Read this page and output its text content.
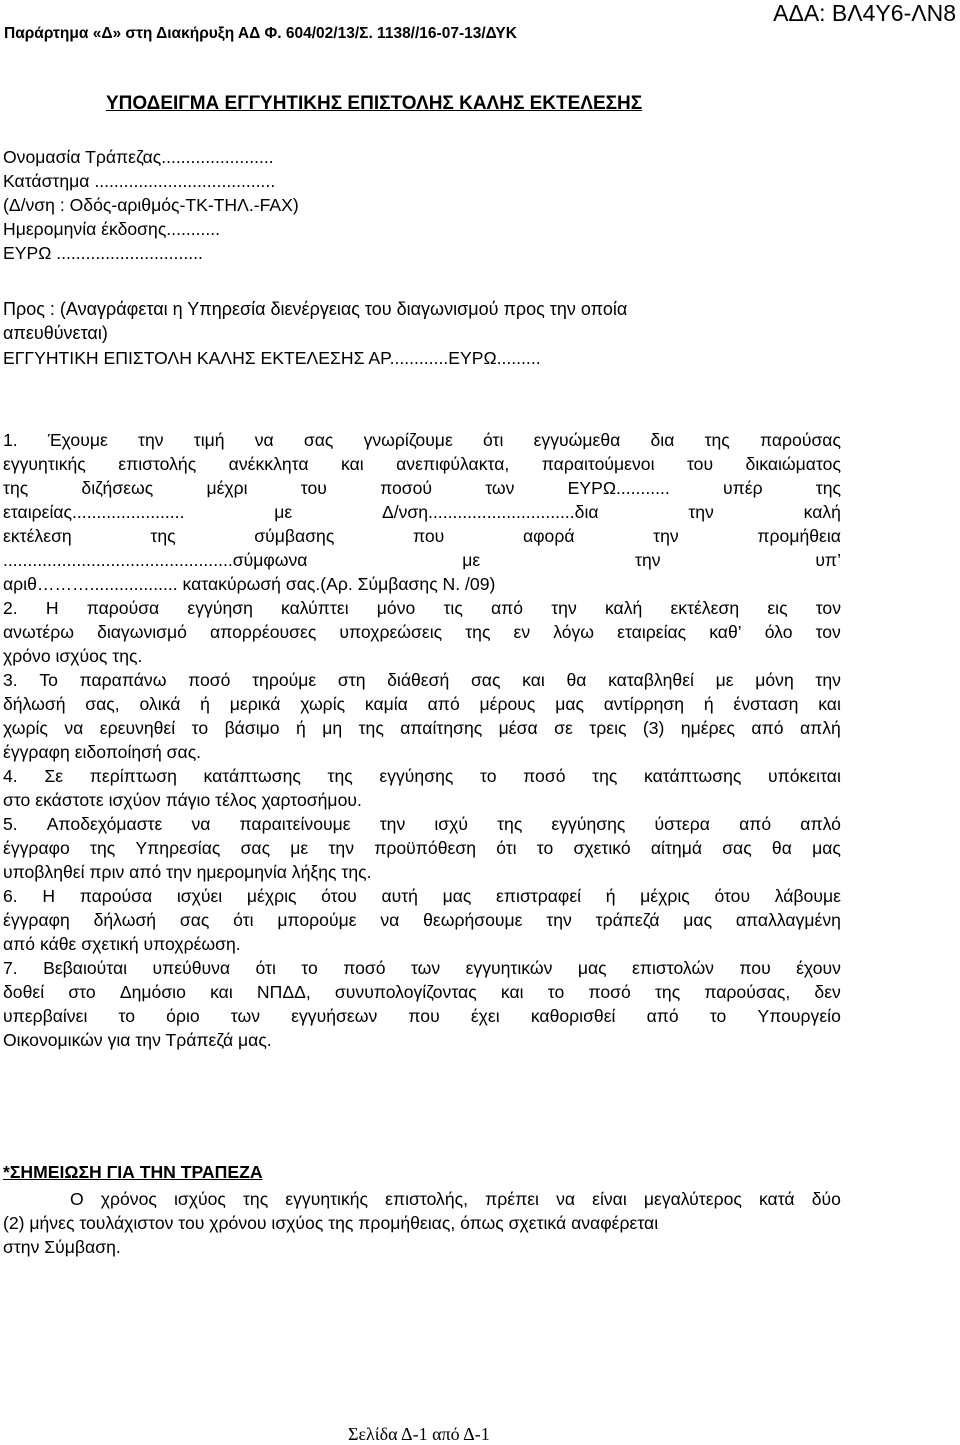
Παράρτημα «Δ» στη Διακήρυξη ΑΔ Φ. 604/02/13/Σ. 1138//16-07-13/ΔΥΚ
ΑΔΑ: ΒΛ4Υ6-ΛΝ8
ΥΠΟΔΕΙΓΜΑ ΕΓΓΥΗΤΙΚΗΣ ΕΠΙΣΤΟΛΗΣ ΚΑΛΗΣ ΕΚΤΕΛΕΣΗΣ
Ονομασία Τράπεζας.......................
Κατάστημα .....................................
(Δ/νση : Οδός-αριθμός-ΤΚ-ΤΗΛ.-FAX)
Ημερομηνία έκδοσης...........
ΕΥΡΩ ..............................
Προς : (Αναγράφεται η Υπηρεσία διενέργειας του διαγωνισμού προς την οποία
απευθύνεται)
ΕΓΓΥΗΤΙΚΗ ΕΠΙΣΤΟΛΗ ΚΑΛΗΣ ΕΚΤΕΛΕΣΗΣ ΑΡ............ΕΥΡΩ.........
1. Έχουμε την τιμή να σας γνωρίζουμε ότι εγγυώμεθα δια της παρούσας
εγγυητικής επιστολής ανέκκλητα και ανεπιφύλακτα, παραιτούμενοι του δικαιώματος
της	διζήσεως	μέχρι	του	ποσού	των	ΕΥΡΩ...........	υπέρ	της
εταιρείας.......................	με	Δ/νση..............................δια	την	καλή
εκτέλεση	της	σύμβασης	που	αφορά	την	προμήθεια
...............................................σύμφωνα	με	την	υπ’
αριθ……….................. κατακύρωσή σας.(Αρ. Σύμβασης Ν. /09)
2. Η παρούσα εγγύηση καλύπτει μόνο τις από την καλή εκτέλεση εις τον
ανωτέρω διαγωνισμό απορρέουσες υποχρεώσεις της εν λόγω εταιρείας καθ’ όλο τον
χρόνο ισχύος της.
3. Το παραπάνω ποσό τηρούμε στη διάθεσή σας και θα καταβληθεί με μόνη την
δήλωσή σας, ολικά ή μερικά χωρίς καμία από μέρους μας αντίρρηση ή ένσταση και
χωρίς να ερευνηθεί το βάσιμο ή μη της απαίτησης μέσα σε τρεις (3) ημέρες από απλή
έγγραφη ειδοποίησή σας.
4. Σε περίπτωση κατάπτωσης της εγγύησης το ποσό της κατάπτωσης υπόκειται
στο εκάστοτε ισχύον πάγιο τέλος χαρτοσήμου.
5. Αποδεχόμαστε να παραιτείνουμε την ισχύ της εγγύησης ύστερα από απλό
έγγραφο της Υπηρεσίας σας με την προϋπόθεση ότι το σχετικό αίτημά σας θα μας
υποβληθεί πριν από την ημερομηνία λήξης της.
6. Η παρούσα ισχύει μέχρις ότου αυτή μας επιστραφεί ή μέχρις ότου λάβουμε
έγγραφη δήλωσή σας ότι μπορούμε να θεωρήσουμε την τράπεζά μας απαλλαγμένη
από κάθε σχετική υποχρέωση.
7. Βεβαιούται υπεύθυνα ότι το ποσό των εγγυητικών μας επιστολών που έχουν
δοθεί στο Δημόσιο και ΝΠΔΔ, συνυπολογίζοντας και το ποσό της παρούσας, δεν
υπερβαίνει το όριο των εγγυήσεων που έχει καθορισθεί από το Υπουργείο
Οικονομικών για την Τράπεζά μας.
*ΣΗΜΕΙΩΣΗ ΓΙΑ ΤΗΝ ΤΡΑΠΕΖΑ
Ο χρόνος ισχύος της εγγυητικής επιστολής, πρέπει να είναι μεγαλύτερος κατά δύο
(2) μήνες τουλάχιστον του χρόνου ισχύος της προμήθειας, όπως σχετικά αναφέρεται
στην Σύμβαση.
Σελίδα Δ-1 από Δ-1
